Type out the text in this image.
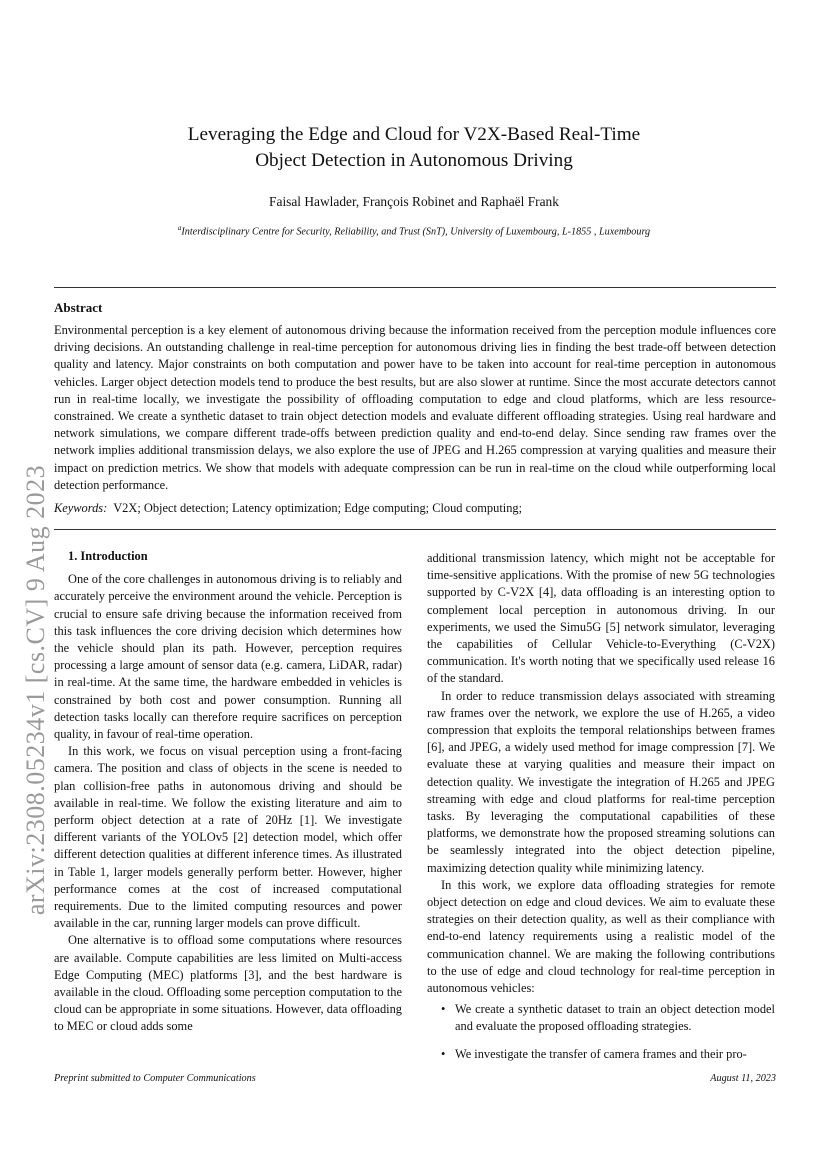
arXiv:2308.05234v1 [cs.CV] 9 Aug 2023
Leveraging the Edge and Cloud for V2X-Based Real-Time
Object Detection in Autonomous Driving
Faisal Hawlader, François Robinet and Raphaël Frank
$^a$Interdisciplinary Centre for Security, Reliability, and Trust (SnT), University of Luxembourg, L-1855 , Luxembourg
Abstract
Environmental perception is a key element of autonomous driving because the information received from the perception module influences core driving decisions. An outstanding challenge in real-time perception for autonomous driving lies in finding the best trade-off between detection quality and latency. Major constraints on both computation and power have to be taken into account for real-time perception in autonomous vehicles. Larger object detection models tend to produce the best results, but are also slower at runtime. Since the most accurate detectors cannot run in real-time locally, we investigate the possibility of offloading computation to edge and cloud platforms, which are less resource-constrained. We create a synthetic dataset to train object detection models and evaluate different offloading strategies. Using real hardware and network simulations, we compare different trade-offs between prediction quality and end-to-end delay. Since sending raw frames over the network implies additional transmission delays, we also explore the use of JPEG and H.265 compression at varying qualities and measure their impact on prediction metrics. We show that models with adequate compression can be run in real-time on the cloud while outperforming local detection performance.
Keywords: V2X; Object detection; Latency optimization; Edge computing; Cloud computing;

1. Introduction

One of the core challenges in autonomous driving is to reliably and accurately perceive the environment around the vehicle. Perception is crucial to ensure safe driving because the information received from this task influences the core driving decision which determines how the vehicle should plan its path. However, perception requires processing a large amount of sensor data (e.g. camera, LiDAR, radar) in real-time. At the same time, the hardware embedded in vehicles is constrained by both cost and power consumption. Running all detection tasks locally can therefore require sacrifices on perception quality, in favour of real-time operation.

In this work, we focus on visual perception using a front-facing camera. The position and class of objects in the scene is needed to plan collision-free paths in autonomous driving and should be available in real-time. We follow the existing literature and aim to perform object detection at a rate of 20Hz [1]. We investigate different variants of the YOLOv5 [2] detection model, which offer different detection qualities at different inference times. As illustrated in Table 1, larger models generally perform better. However, higher performance comes at the cost of increased computational requirements. Due to the limited computing resources and power available in the car, running larger models can prove difficult.

One alternative is to offload some computations where resources are available. Compute capabilities are less limited on Multi-access Edge Computing (MEC) platforms [3], and the best hardware is available in the cloud. Offloading some perception computation to the cloud can be appropriate in some situations. However, data offloading to MEC or cloud adds some

additional transmission latency, which might not be acceptable for time-sensitive applications. With the promise of new 5G technologies supported by C-V2X [4], data offloading is an interesting option to complement local perception in autonomous driving. In our experiments, we used the Simu5G [5] network simulator, leveraging the capabilities of Cellular Vehicle-to-Everything (C-V2X) communication. It's worth noting that we specifically used release 16 of the standard.

In order to reduce transmission delays associated with streaming raw frames over the network, we explore the use of H.265, a video compression that exploits the temporal relationships between frames [6], and JPEG, a widely used method for image compression [7]. We evaluate these at varying qualities and measure their impact on detection quality. We investigate the integration of H.265 and JPEG streaming with edge and cloud platforms for real-time perception tasks. By leveraging the computational capabilities of these platforms, we demonstrate how the proposed streaming solutions can be seamlessly integrated into the object detection pipeline, maximizing detection quality while minimizing latency.

In this work, we explore data offloading strategies for remote object detection on edge and cloud devices. We aim to evaluate these strategies on their detection quality, as well as their compliance with end-to-end latency requirements using a realistic model of the communication channel. We are making the following contributions to the use of edge and cloud technology for real-time perception in autonomous vehicles:

• We create a synthetic dataset to train an object detection model and evaluate the proposed offloading strategies.
• We investigate the transfer of camera frames and their pro-
Preprint submitted to Computer Communications	August 11, 2023
